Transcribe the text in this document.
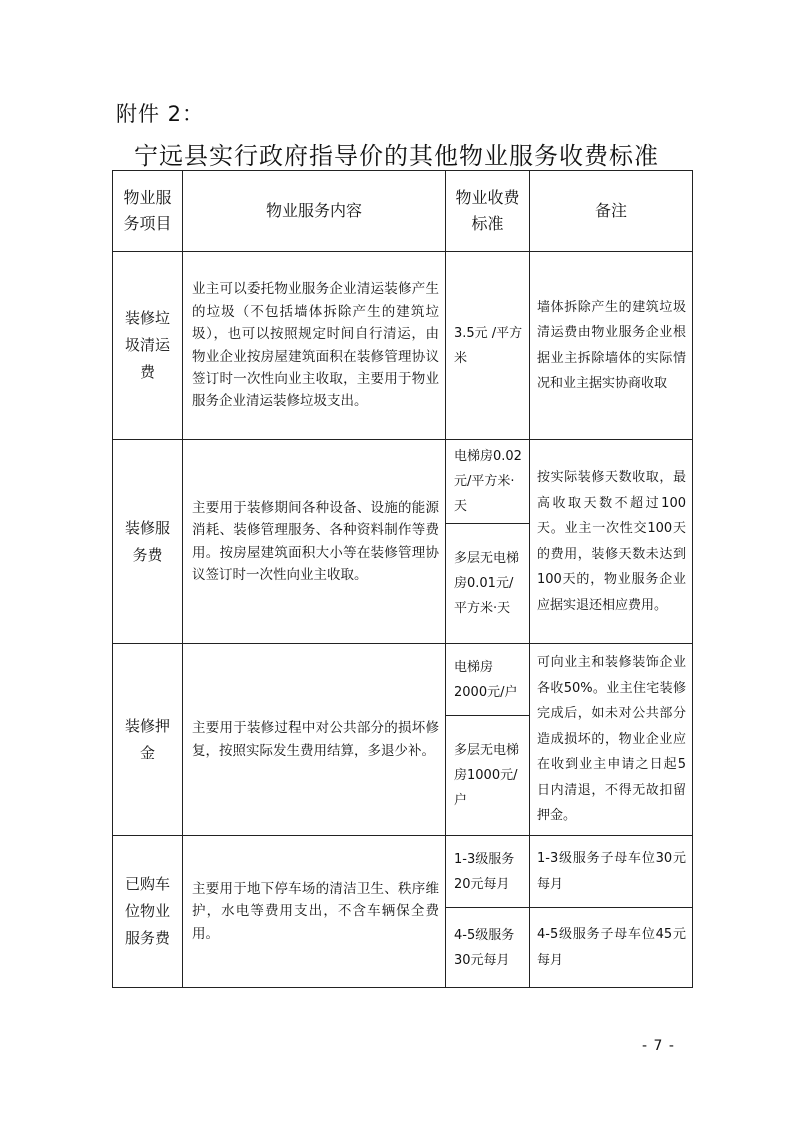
附件 2：
宁远县实行政府指导价的其他物业服务收费标准
物业服务项目	物业服务内容	物业收费标准	备注
装修垃圾清运费	业主可以委托物业服务企业清运装修产生的垃圾（不包括墙体拆除产生的建筑垃圾），也可以按照规定时间自行清运，由物业企业按房屋建筑面积在装修管理协议签订时一次性向业主收取，主要用于物业服务企业清运装修垃圾支出。	3.5元 /平方米	墙体拆除产生的建筑垃圾清运费由物业服务企业根据业主拆除墙体的实际情况和业主据实协商收取
装修服务费	主要用于装修期间各种设备、设施的能源消耗、装修管理服务、各种资料制作等费用。按房屋建筑面积大小等在装修管理协议签订时一次性向业主收取。	电梯房0.02元/平方米·天	按实际装修天数收取，最高收取天数不超过100天。业主一次性交100天的费用，装修天数未达到100天的，物业服务企业应据实退还相应费用。
		多层无电梯房0.01元/平方米·天	
装修押金	主要用于装修过程中对公共部分的损坏修复，按照实际发生费用结算，多退少补。	电梯房2000元/户	可向业主和装修装饰企业各收50%。业主住宅装修完成后，如未对公共部分造成损坏的，物业企业应在收到业主申请之日起5日内清退，不得无故扣留押金。
		多层无电梯房1000元/户	
已购车位物业服务费	主要用于地下停车场的清洁卫生、秩序维护，水电等费用支出，不含车辆保全费用。	1-3级服务20元每月	1-3级服务子母车位30元每月
		4-5级服务30元每月	4-5级服务子母车位45元每月
- 7 -
